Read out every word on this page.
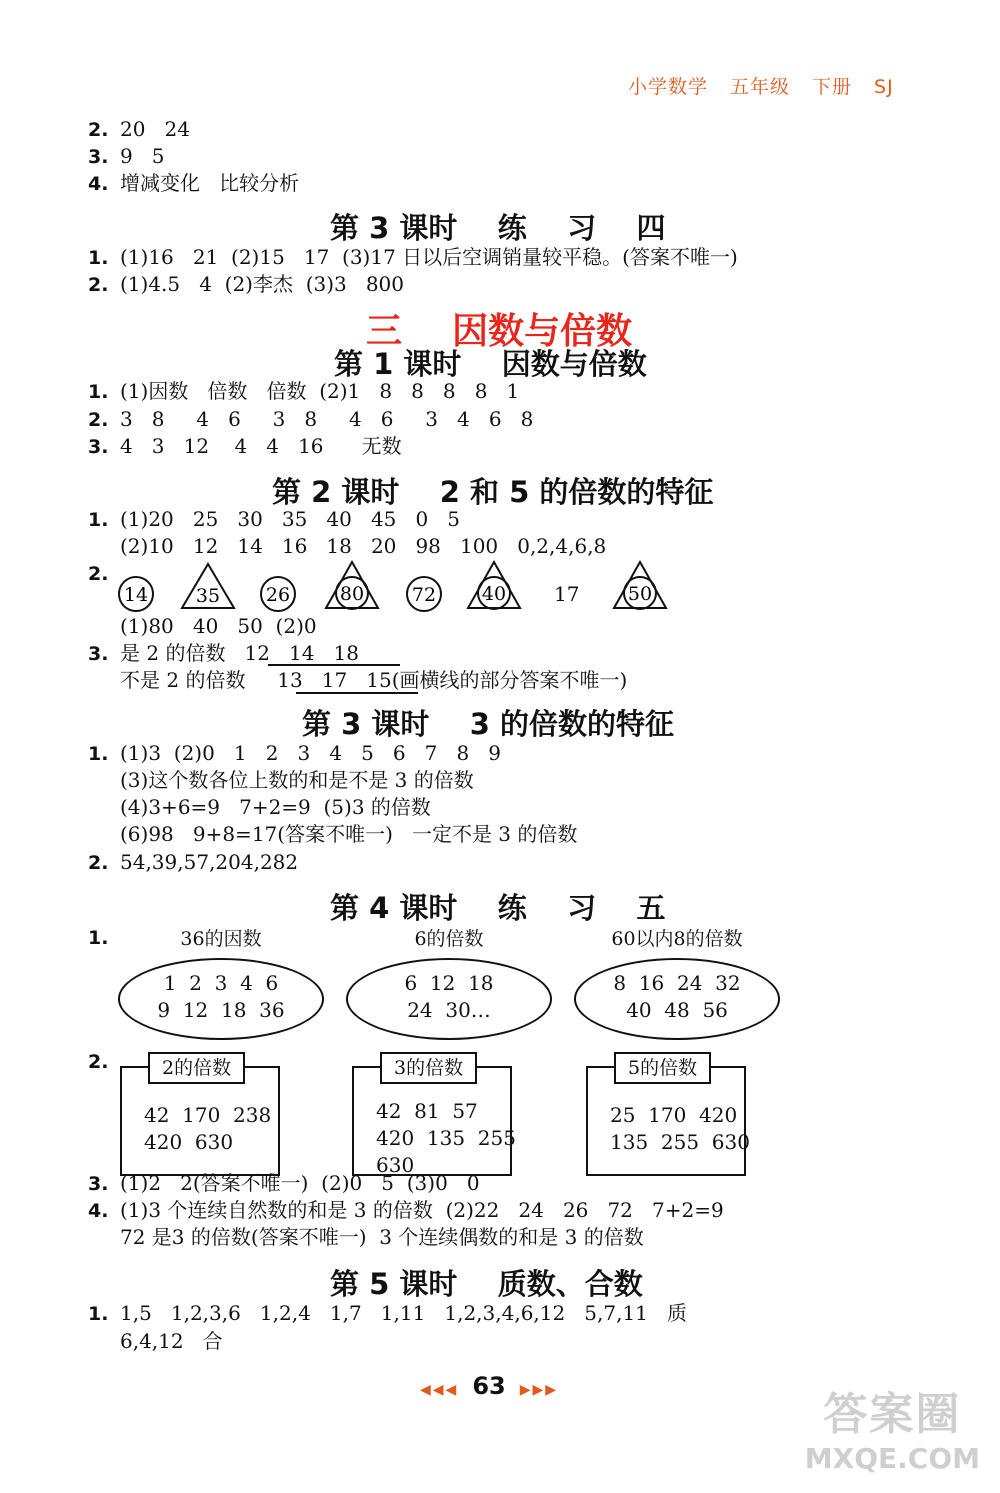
小学数学 五年级 下册 SJ
2. 20   24
3. 9   5
4. 增减变化   比较分析
第 3 课时    练    习    四
1. (1)16   21  (2)15   17  (3)17 日以后空调销量较平稳。(答案不唯一)
2. (1)4.5   4  (2)李杰  (3)3   800
三    因数与倍数
第 1 课时    因数与倍数
1. (1)因数   倍数   倍数  (2)1   8   8   8   8   1
2. 3   8     4   6     3   8     4   6     3   4   6   8
3. 4   3   12    4   4   16      无数
第 2 课时    2 和 5 的倍数的特征
1. (1)20   25   30   35   40   45   0   5
(2)10   12   14   16   18   20   98   100   0,2,4,6,8
2.
14	35 26	80	72 40 17	50
(1)80   40   50  (2)0
3. 是 2 的倍数   12   14   18
不是 2 的倍数     13   17   15(画横线的部分答案不唯一)
第 3 课时    3 的倍数的特征
1. (1)3  (2)0   1   2   3   4   5   6   7   8   9
(3)这个数各位上数的和是不是 3 的倍数
(4)3+6=9   7+2=9  (5)3 的倍数
(6)98   9+8=17(答案不唯一)   一定不是 3 的倍数
2. 54,39,57,204,282
第 4 课时    练    习    五
1.	36的因数
1  2  3  4  6
9  12  18  36
6的倍数
6  12  18
24  30…
60以内8的倍数
8  16  24  32
40  48  56
2.	2的倍数
42  170  238
420  630
3的倍数
42  81  57
420  135  255
630
5的倍数
25  170  420
135  255  630
3. (1)2   2(答案不唯一)  (2)0   5  (3)0   0
4. (1)3 个连续自然数的和是 3 的倍数  (2)22   24   26   72   7+2=9
72 是3 的倍数(答案不唯一)  3 个连续偶数的和是 3 的倍数
第 5 课时    质数、合数
1. 1,5   1,2,3,6   1,2,4   1,7   1,11   1,2,3,4,6,12   5,7,11   质
6,4,12   合
◀◀◀ 63 ▶▶▶	答案圈
MXQE.COM
